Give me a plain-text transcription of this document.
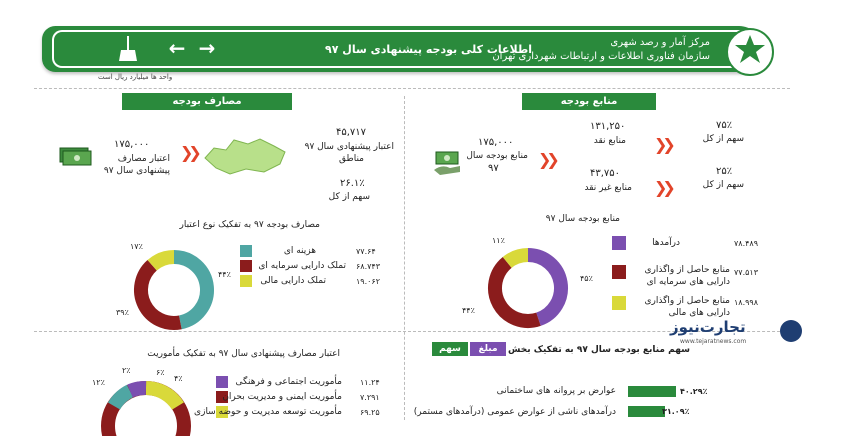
← →	اطلاعات کلی بودجه پیشنهادی سال ۹۷
مرکز آمار و رصد شهری
سازمان فناوری اطلاعات و ارتباطات شهرداری تهران
واحد ها میلیارد ریال است
مصارف بودجه
۱۷۵,۰۰۰
اعتبار مصارف
پیشنهادی سال ۹۷
❯❯
۴۵,۷۱۷
اعتبار پیشنهادی سال ۹۷
مناطق
۲۶.۱٪
سهم از کل
مصارف بودجه ۹۷ به تفکیک نوع اعتبار
۱۷٪
۴۴٪
۳۹٪
هزینه ای	۷۷.۶۴
تملک دارایی سرمایه ای ۶۸.۷۴۳
تملک دارایی مالی	۱۹.۰۶۲
اعتبار مصارف پیشنهادی سال ۹۷ به تفکیک مأموریت
۱۲٪
۲٪	۶٪
۴٪	مأموریت اجتماعی و فرهنگی ۱۱.۲۴
مأموریت ایمنی و مدیریت بحران ۷.۲۹۱
مأموریت توسعه مدیریت و حوضه سازی ۶۹.۲۵
منابع بودجه
۱۷۵,۰۰۰
منابع بودجه سال
۹۷ ❯❯
۱۳۱,۲۵۰
منابع نقد ❯❯
۷۵٪
سهم از کل
۴۳,۷۵۰
منابع غیر نقد ❯❯
۲۵٪
سهم از کل
منابع بودجه سال ۹۷
۱۱٪
۴۵٪
۴۴٪
درآمدها	۷۸.۴۸۹
منابع حاصل از واگذاری
دارایی های سرمایه ای
۷۷.۵۱۳
منابع حاصل از واگذاری
دارایی های مالی
۱۸.۹۹۸
سهم	مبلغ	سهم منابع بودجه سال ۹۷ به تفکیک بخش
عوارض بر پروانه های ساختمانی	۴۰.۲۹٪
درآمدهای ناشی از عوارض عمومی (درآمدهای مستمر)	۳۱.۰۹٪
تجارت‌نیوز
www.tejaratnews.com
